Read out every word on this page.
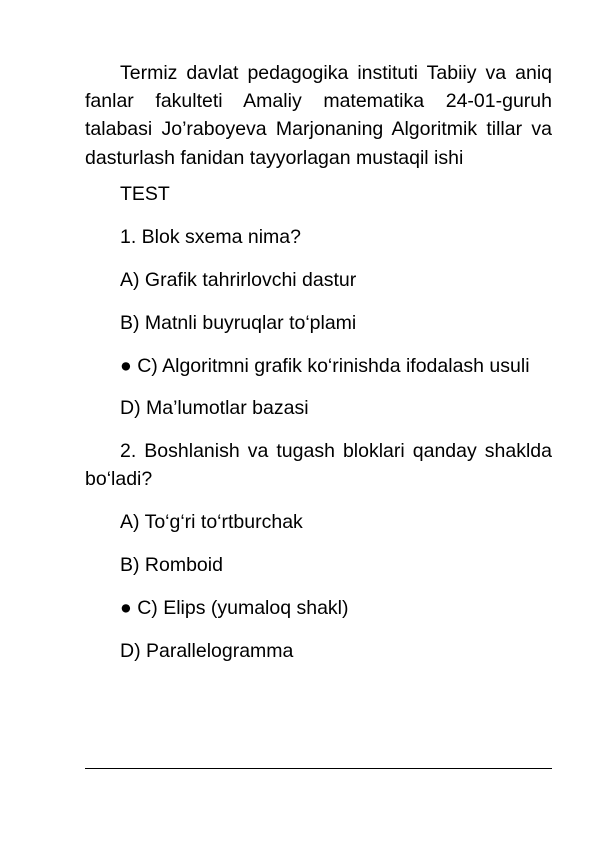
Termiz davlat pedagogika instituti Tabiiy va aniq fanlar fakulteti Amaliy matematika 24-01-guruh talabasi Jo’raboyeva Marjonaning Algoritmik tillar va dasturlash fanidan tayyorlagan mustaqil ishi

TEST

1. Blok sxema nima?

A) Grafik tahrirlovchi dastur

B) Matnli buyruqlar to‘plami

● C) Algoritmni grafik ko‘rinishda ifodalash usuli

D) Ma’lumotlar bazasi

2. Boshlanish va tugash bloklari qanday shaklda bo‘ladi?

A) To‘g‘ri to‘rtburchak

B) Romboid

● C) Elips (yumaloq shakl)

D) Parallelogramma
